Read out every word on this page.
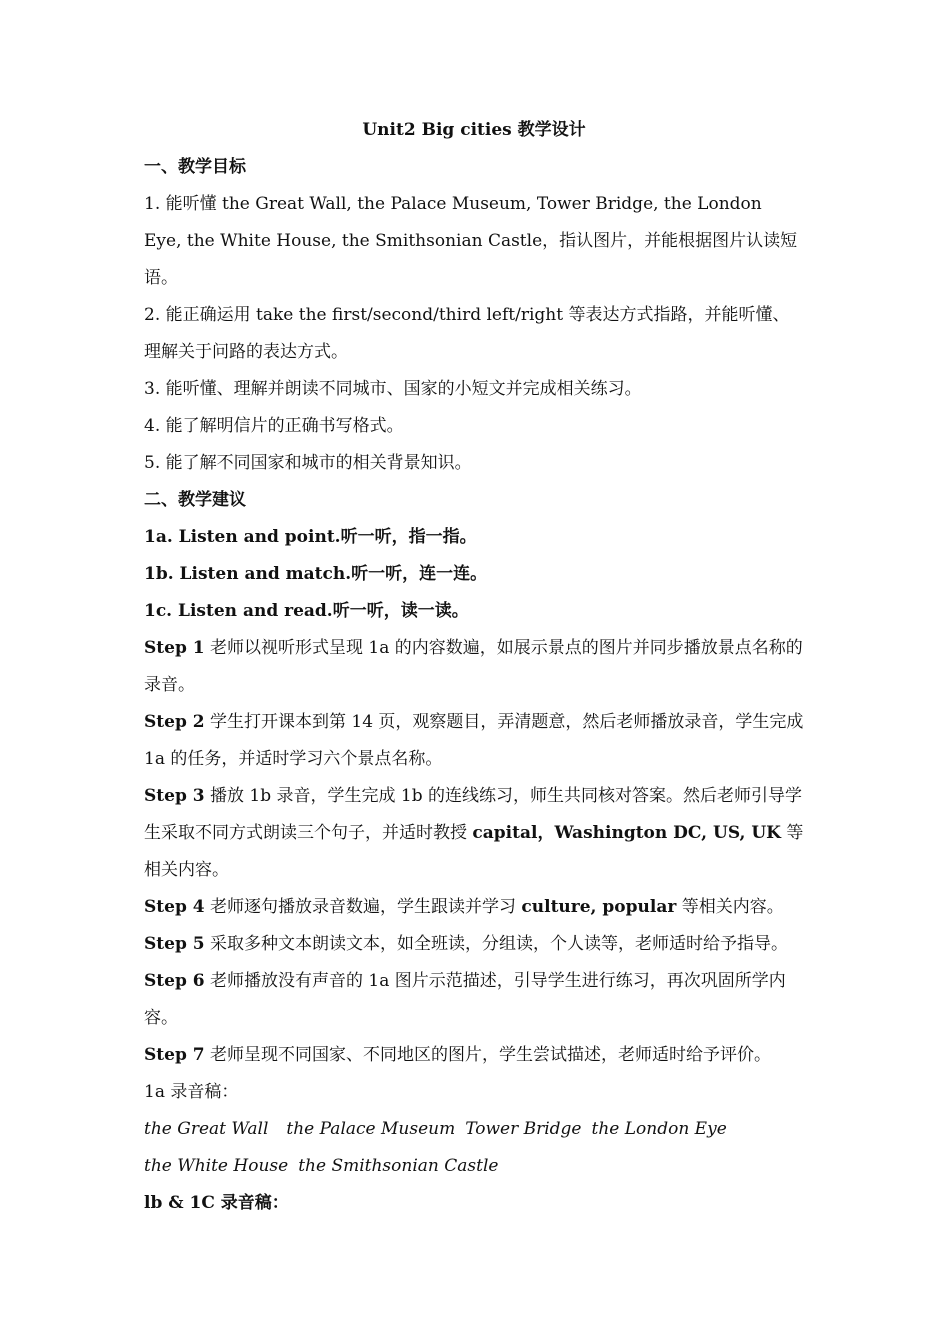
Unit2 Big cities 教学设计

一、教学目标

1. 能听懂 the Great Wall, the Palace Museum, Tower Bridge, the London Eye, the White House, the Smithsonian Castle，指认图片，并能根据图片认读短语。

2. 能正确运用 take the first/second/third left/right 等表达方式指路，并能听懂、理解关于问路的表达方式。

3. 能听懂、理解并朗读不同城市、国家的小短文并完成相关练习。

4. 能了解明信片的正确书写格式。

5. 能了解不同国家和城市的相关背景知识。

二、教学建议

1a. Listen and point.听一听，指一指。

1b. Listen and match.听一听，连一连。

1c. Listen and read.听一听，读一读。

Step 1 老师以视听形式呈现 1a 的内容数遍，如展示景点的图片并同步播放景点名称的录音。

Step 2 学生打开课本到第 14 页，观察题目，弄清题意，然后老师播放录音，学生完成 1a 的任务，并适时学习六个景点名称。

Step 3 播放 1b 录音，学生完成 1b 的连线练习，师生共同核对答案。然后老师引导学生采取不同方式朗读三个句子，并适时教授 capital，Washington DC, US, UK 等相关内容。

Step 4 老师逐句播放录音数遍，学生跟读并学习 culture, popular 等相关内容。

Step 5 采取多种文本朗读文本，如全班读，分组读，个人读等，老师适时给予指导。

Step 6 老师播放没有声音的 1a 图片示范描述，引导学生进行练习，再次巩固所学内容。

Step 7 老师呈现不同国家、不同地区的图片，学生尝试描述，老师适时给予评价。1a 录音稿：

the Great Wall the Palace Museum Tower Bridge the London Eye

the White House the Smithsonian Castle

lb & 1C 录音稿：
